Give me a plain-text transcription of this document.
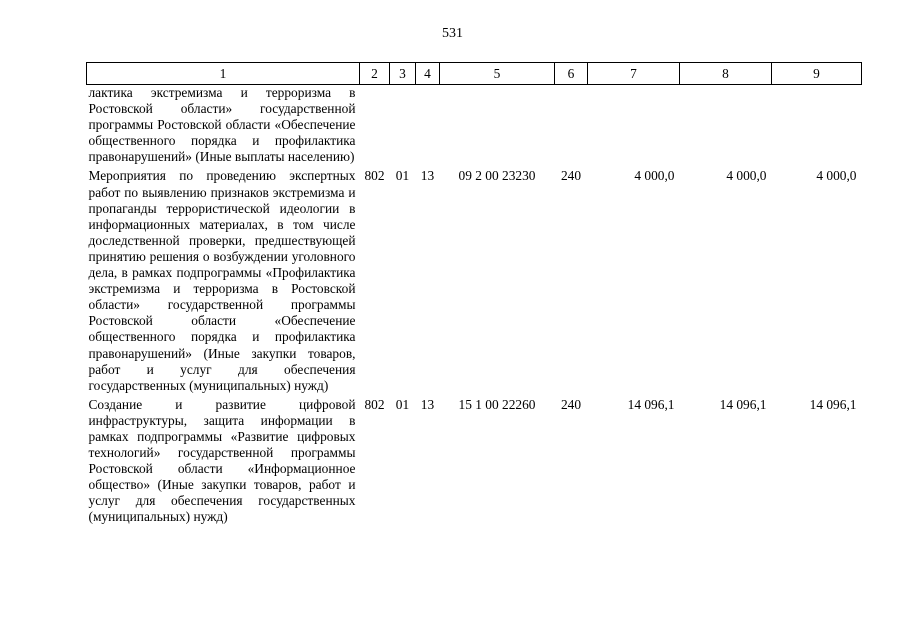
531
1	2	3	4	5	6	7	8	9
лактика экстремизма и терроризма в Ростовской области» государственной программы Ростовской области «Обеспечение общественного порядка и профилактика правонарушений» (Иные выплаты населению)								
Мероприятия по проведению экспертных работ по выявлению признаков экстремизма и пропаганды террористической идеологии в информационных материалах, в том числе доследственной проверки, предшествующей принятию решения о возбуждении уголовного дела, в рамках подпрограммы «Профилактика экстремизма и терроризма в Ростовской области» государственной программы Ростовской области «Обеспечение общественного порядка и профилактика правонарушений» (Иные закупки товаров, работ и услуг для обеспечения государственных (муниципальных) нужд)	802	01	13	09 2 00 23230	240	4 000,0	4 000,0	4 000,0
Создание и развитие цифровой инфраструктуры, защита информации в рамках подпрограммы «Развитие цифровых технологий» государственной программы Ростовской области «Информационное общество» (Иные закупки товаров, работ и услуг для обеспечения государственных (муниципальных) нужд)	802	01	13	15 1 00 22260	240	14 096,1	14 096,1	14 096,1
